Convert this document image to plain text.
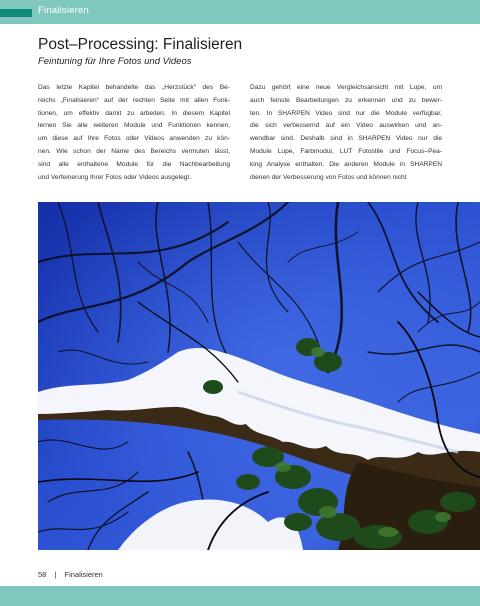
Finalisieren
Post–Processing: Finalisieren

Feintuning für Ihre Fotos und Videos

Das letzte Kapitel behandelte das „Herzstück“ des Be-
reichs „Finalisieren“ auf der rechten Seite mit allen Funk-
tionen, um effektiv damit zu arbeiten. In diesem Kapitel
lernen Sie alle weiteren Module und Funktionen kennen,
um diese auf Ihre Fotos oder Videos anwenden zu kön-
nen. Wie schon der Name des Bereichs vermuten lässt,
sind alle enthaltene Module für die Nachbearbeitung
und Verfeinerung Ihrer Fotos oder Videos ausgelegt.
Dazu gehört eine neue Vergleichsansicht mit Lupe, um
auch feinste Bearbeitungen zu erkennen und zu bewer-
ten. In SHARPEN Video sind nur die Module verfügbar,
die sich verbessernd auf ein Video auswirken und an-
wendbar sind. Deshalb sind in SHARPEN Video nur die
Module Lupe, Farbmodul, LUT Fotostile und Focus–Pea-
king Analyse enthalten. Die anderen Module in SHARPEN
dienen der Verbesserung von Fotos und können nicht
58 | Finalisieren
